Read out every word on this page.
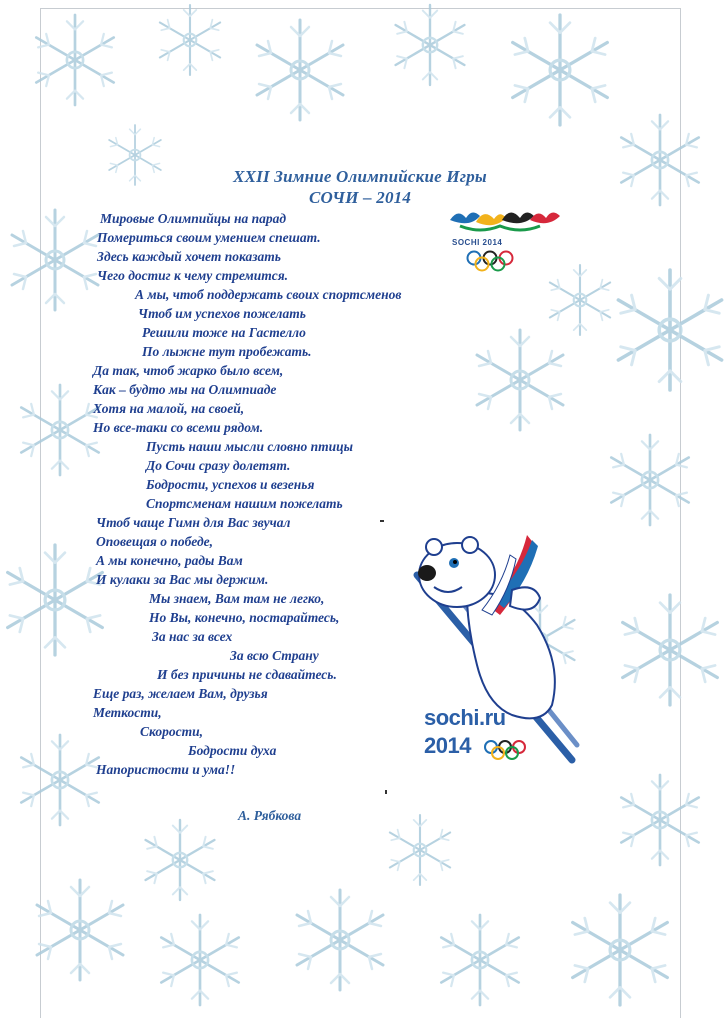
XXII Зимние Олимпийские Игры
СОЧИ – 2014
Мировые Олимпийцы на парад
Помериться своим умением спешат.
Здесь каждый хочет показать
Чего достиг к чему стремится.
А мы, чтоб поддержать своих спортсменов
Чтоб им успехов пожелать
Решили тоже на Гастелло
По лыжне тут пробежать.
Да так, чтоб жарко было всем,
Как – будто мы на Олимпиаде
Хотя на малой, на своей,
Но все-таки со всеми рядом.
Пусть наши мысли словно птицы
До Сочи сразу долетят.
Бодрости, успехов и везенья
Спортсменам нашим пожелать
Чтоб чаще Гимн для Вас звучал
Оповещая о победе,
А мы конечно, рады Вам
И кулаки за Вас мы держим.
Мы знаем, Вам там не легко,
Но Вы, конечно, постарайтесь,
За нас за всех
За всю Страну
И без причины не сдавайтесь.
Еще раз, желаем Вам, друзья
Меткости,
Скорости,
Бодрости духа
Напористости и ума!!
А. Рябкова
SOCHI 2014
sochi.ru
2014
